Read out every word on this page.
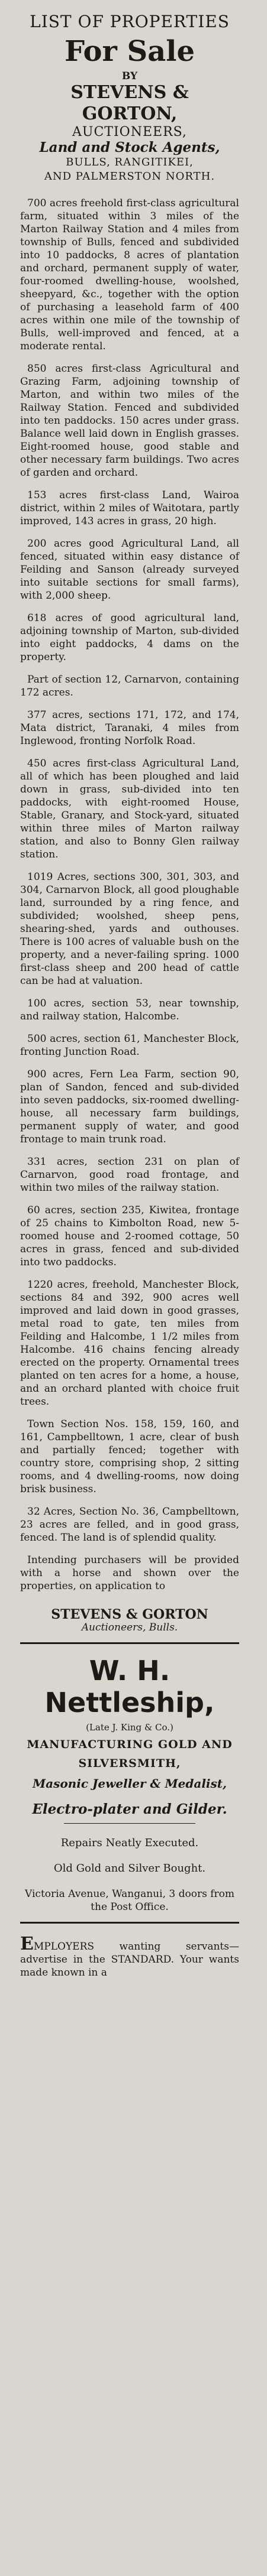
LIST OF PROPERTIES
For Sale
BY
STEVENS & GORTON,
AUCTIONEERS,
Land and Stock Agents,
BULLS, RANGITIKEI,
AND PALMERSTON NORTH.

700 acres freehold first-class agricultural farm, situated within 3 miles of the Marton Railway Station and 4 miles from township of Bulls, fenced and subdivided into 10 paddocks, 8 acres of plantation and orchard, permanent supply of water, four-roomed dwelling-house, woolshed, sheepyard, &c., together with the option of purchasing a leasehold farm of 400 acres within one mile of the township of Bulls, well-improved and fenced, at a moderate rental.

850 acres first-class Agricultural and Grazing Farm, adjoining township of Marton, and within two miles of the Railway Station. Fenced and subdivided into ten paddocks. 150 acres under grass. Balance well laid down in English grasses. Eight-roomed house, good stable and other necessary farm buildings. Two acres of garden and orchard.

153 acres first-class Land, Wairoa district, within 2 miles of Waitotara, partly improved, 143 acres in grass, 20 high.

200 acres good Agricultural Land, all fenced, situated within easy distance of Feilding and Sanson (already surveyed into suitable sections for small farms), with 2,000 sheep.

618 acres of good agricultural land, adjoining township of Marton, sub-divided into eight paddocks, 4 dams on the property.

Part of section 12, Carnarvon, containing 172 acres.

377 acres, sections 171, 172, and 174, Mata district, Taranaki, 4 miles from Inglewood, fronting Norfolk Road.

450 acres first-class Agricultural Land, all of which has been ploughed and laid down in grass, sub-divided into ten paddocks, with eight-roomed House, Stable, Granary, and Stock-yard, situated within three miles of Marton railway station, and also to Bonny Glen railway station.

1019 Acres, sections 300, 301, 303, and 304, Carnarvon Block, all good ploughable land, surrounded by a ring fence, and subdivided; woolshed, sheep pens, shearing-shed, yards and outhouses. There is 100 acres of valuable bush on the property, and a never-failing spring. 1000 first-class sheep and 200 head of cattle can be had at valuation.

100 acres, section 53, near township, and railway station, Halcombe.

500 acres, section 61, Manchester Block, fronting Junction Road.

900 acres, Fern Lea Farm, section 90, plan of Sandon, fenced and sub-divided into seven paddocks, six-roomed dwelling-house, all necessary farm buildings, permanent supply of water, and good frontage to main trunk road.

331 acres, section 231 on plan of Carnarvon, good road frontage, and within two miles of the railway station.

60 acres, section 235, Kiwitea, frontage of 25 chains to Kimbolton Road, new 5-roomed house and 2-roomed cottage, 50 acres in grass, fenced and sub-divided into two paddocks.

1220 acres, freehold, Manchester Block, sections 84 and 392, 900 acres well improved and laid down in good grasses, metal road to gate, ten miles from Feilding and Halcombe, 1 1/2 miles from Halcombe. 416 chains fencing already erected on the property. Ornamental trees planted on ten acres for a home, a house, and an orchard planted with choice fruit trees.

Town Section Nos. 158, 159, 160, and 161, Campbelltown, 1 acre, clear of bush and partially fenced; together with country store, comprising shop, 2 sitting rooms, and 4 dwelling-rooms, now doing brisk business.

32 Acres, Section No. 36, Campbelltown, 23 acres are felled, and in good grass, fenced. The land is of splendid quality.

Intending purchasers will be provided with a horse and shown over the properties, on application to

STEVENS & GORTON
Auctioneers, Bulls.
W. H. Nettleship,
(Late J. King & Co.)
MANUFACTURING GOLD AND
SILVERSMITH,
Masonic Jeweller & Medalist,
Electro-plater and Gilder.
Repairs Neatly Executed.
Old Gold and Silver Bought.
Victoria Avenue, Wanganui, 3 doors from the Post Office.

EMPLOYERS wanting servants—advertise in the STANDARD. Your wants made known in a
